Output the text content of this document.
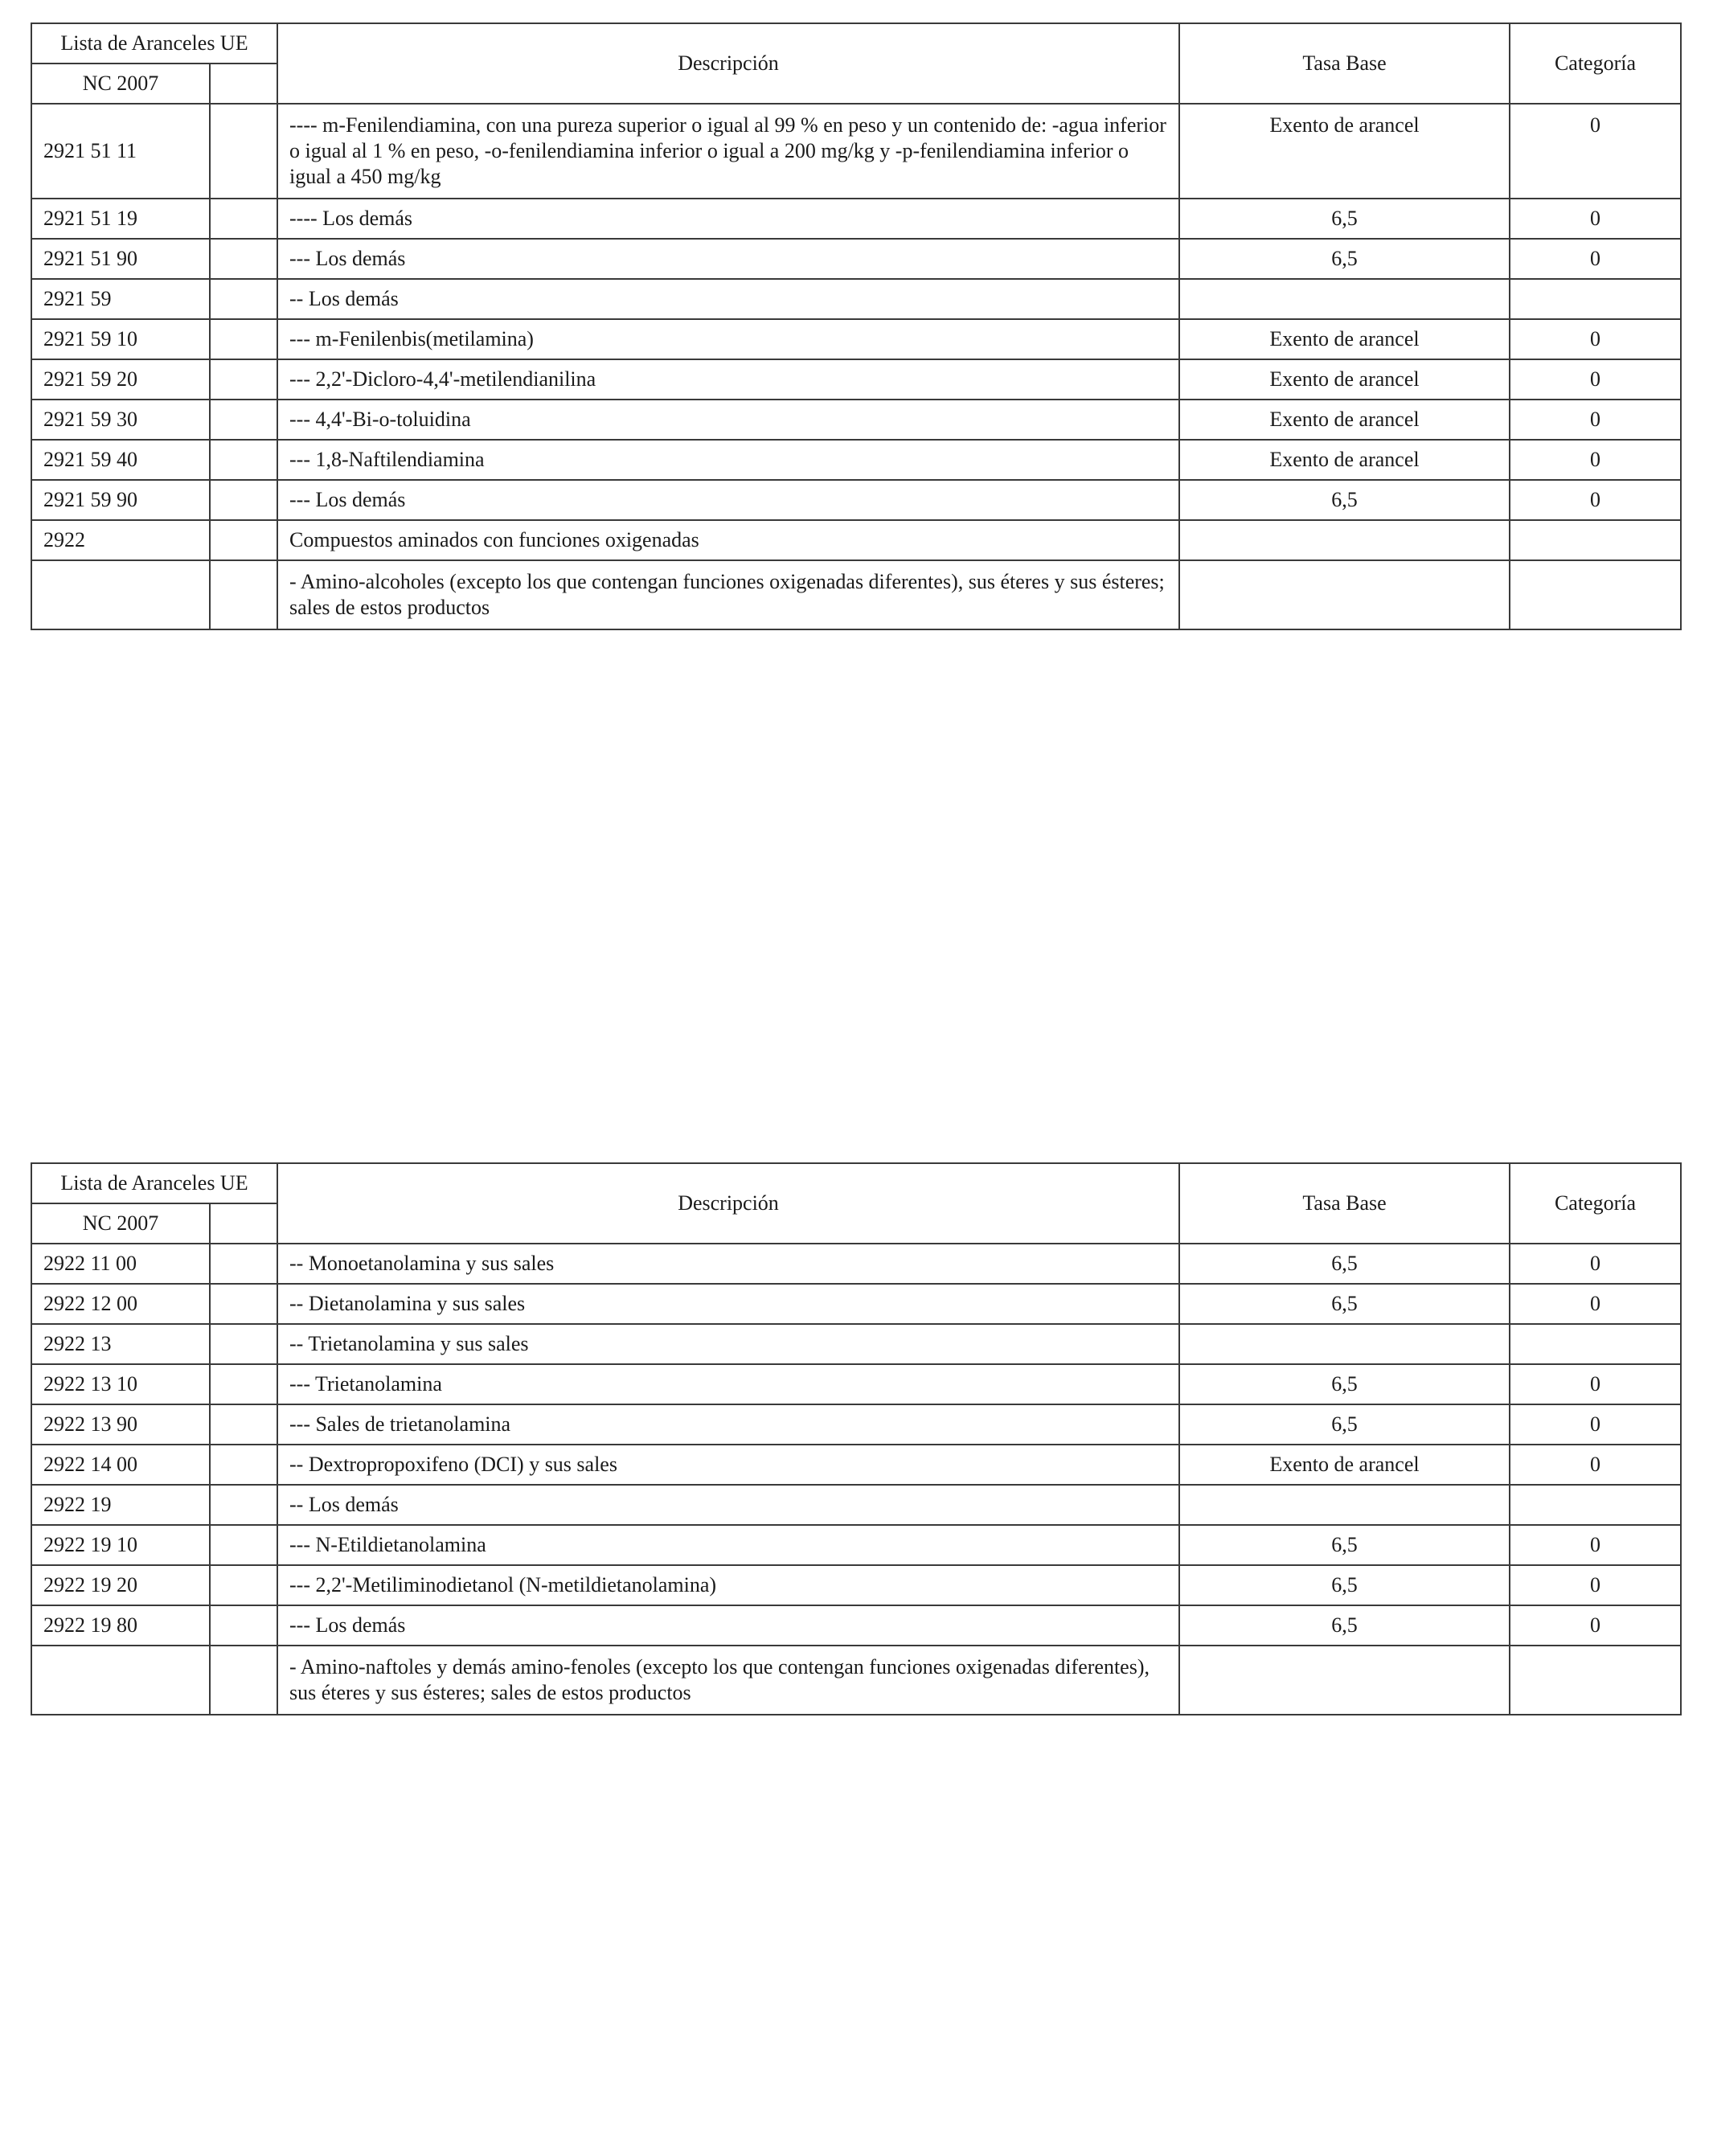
Lista de Aranceles UE		Descripción	Tasa Base	Categoría
NC 2007				
2921 51 11		---- m-Fenilendiamina, con una pureza superior o igual al 99 % en peso y un contenido de: -agua inferior o igual al 1 % en peso, -o-fenilendiamina inferior o igual a 200 mg/kg y -p-fenilendiamina inferior o igual a 450 mg/kg	Exento de arancel	0
2921 51 19		---- Los demás	6,5	0
2921 51 90		--- Los demás	6,5	0
2921 59		-- Los demás		
2921 59 10		--- m-Fenilenbis(metilamina)	Exento de arancel	0
2921 59 20		--- 2,2'-Dicloro-4,4'-metilendianilina	Exento de arancel	0
2921 59 30		--- 4,4'-Bi-o-toluidina	Exento de arancel	0
2921 59 40		--- 1,8-Naftilendiamina	Exento de arancel	0
2921 59 90		--- Los demás	6,5	0
2922		Compuestos aminados con funciones oxigenadas		
		- Amino-alcoholes (excepto los que contengan funciones oxigenadas diferentes), sus éteres y sus ésteres; sales de estos productos		
Lista de Aranceles UE		Descripción	Tasa Base	Categoría
NC 2007				
2922 11 00		-- Monoetanolamina y sus sales	6,5	0
2922 12 00		-- Dietanolamina y sus sales	6,5	0
2922 13		-- Trietanolamina y sus sales		
2922 13 10		--- Trietanolamina	6,5	0
2922 13 90		--- Sales de trietanolamina	6,5	0
2922 14 00		-- Dextropropoxifeno (DCI) y sus sales	Exento de arancel	0
2922 19		-- Los demás		
2922 19 10		--- N-Etildietanolamina	6,5	0
2922 19 20		--- 2,2'-Metiliminodietanol (N-metildietanolamina)	6,5	0
2922 19 80		--- Los demás	6,5	0
		- Amino-naftoles y demás amino-fenoles (excepto los que contengan funciones oxigenadas diferentes), sus éteres y sus ésteres; sales de estos productos		
